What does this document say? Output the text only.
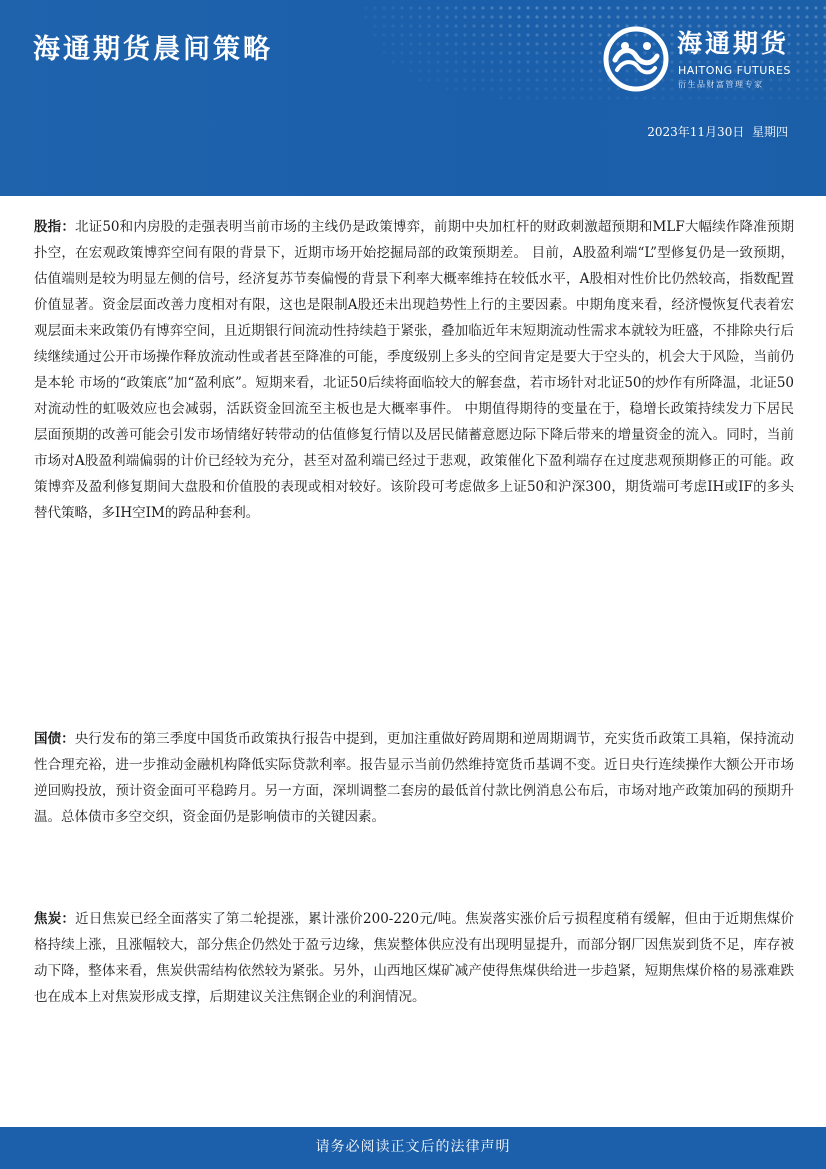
海通期货晨间策略	海通期货
HAITONG FUTURES
衍生品财富管理专家
2023年11月30日 星期四
股指：北证50和内房股的走强表明当前市场的主线仍是政策博弈，前期中央加杠杆的财政刺激超预期和MLF大幅续作降准预期扑空，在宏观政策博弈空间有限的背景下，近期市场开始挖掘局部的政策预期差。 目前，A股盈利端“L”型修复仍是一致预期，估值端则是较为明显左侧的信号，经济复苏节奏偏慢的背景下利率大概率维持在较低水平，A股相对性价比仍然较高，指数配置价值显著。资金层面改善力度相对有限，这也是限制A股还未出现趋势性上行的主要因素。中期角度来看，经济慢恢复代表着宏观层面未来政策仍有博弈空间，且近期银行间流动性持续趋于紧张，叠加临近年末短期流动性需求本就较为旺盛，不排除央行后续继续通过公开市场操作释放流动性或者甚至降准的可能，季度级别上多头的空间肯定是要大于空头的，机会大于风险，当前仍是本轮 市场的“政策底”加“盈利底”。短期来看，北证50后续将面临较大的解套盘，若市场针对北证50的炒作有所降温，北证50对流动性的虹吸效应也会减弱，活跃资金回流至主板也是大概率事件。 中期值得期待的变量在于，稳增长政策持续发力下居民层面预期的改善可能会引发市场情绪好转带动的估值修复行情以及居民储蓄意愿边际下降后带来的增量资金的流入。同时，当前市场对A股盈利端偏弱的计价已经较为充分，甚至对盈利端已经过于悲观，政策催化下盈利端存在过度悲观预期修正的可能。政策博弈及盈利修复期间大盘股和价值股的表现或相对较好。该阶段可考虑做多上证50和沪深300，期货端可考虑IH或IF的多头替代策略，多IH空IM的跨品种套利。
国债：央行发布的第三季度中国货币政策执行报告中提到，更加注重做好跨周期和逆周期调节，充实货币政策工具箱，保持流动性合理充裕，进一步推动金融机构降低实际贷款利率。报告显示当前仍然维持宽货币基调不变。近日央行连续操作大额公开市场逆回购投放，预计资金面可平稳跨月。另一方面，深圳调整二套房的最低首付款比例消息公布后，市场对地产政策加码的预期升温。总体债市多空交织，资金面仍是影响债市的关键因素。
焦炭：近日焦炭已经全面落实了第二轮提涨，累计涨价200-220元/吨。焦炭落实涨价后亏损程度稍有缓解，但由于近期焦煤价格持续上涨，且涨幅较大，部分焦企仍然处于盈亏边缘，焦炭整体供应没有出现明显提升，而部分钢厂因焦炭到货不足，库存被动下降，整体来看，焦炭供需结构依然较为紧张。另外，山西地区煤矿减产使得焦煤供给进一步趋紧，短期焦煤价格的易涨难跌也在成本上对焦炭形成支撑，后期建议关注焦钢企业的利润情况。
请务必阅读正文后的法律声明
